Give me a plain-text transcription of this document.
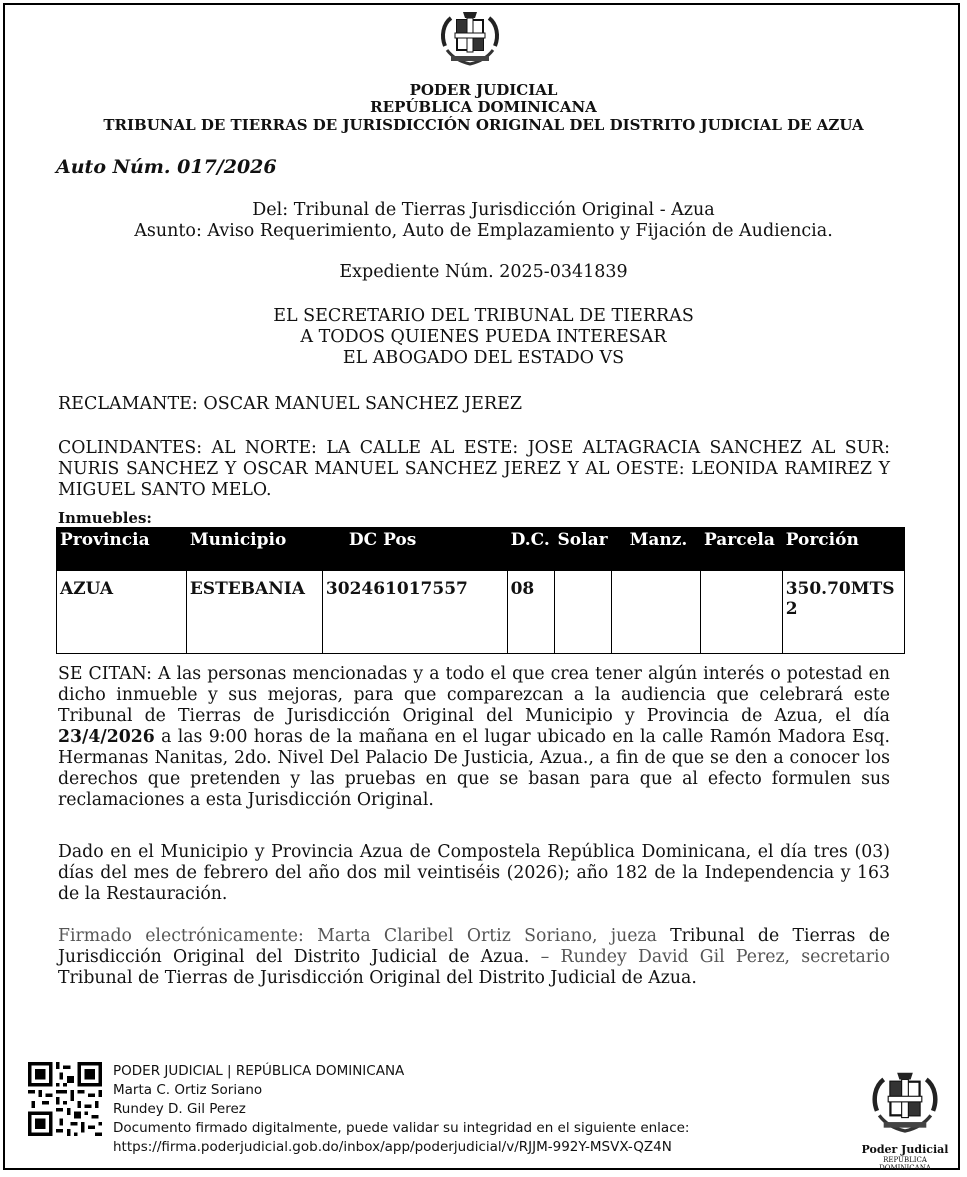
PODER JUDICIAL
REPÚBLICA DOMINICANA
TRIBUNAL DE TIERRAS DE JURISDICCIÓN ORIGINAL DEL DISTRITO JUDICIAL DE AZUA
Auto Núm. 017/2026
Del: Tribunal de Tierras Jurisdicción Original - Azua
Asunto: Aviso Requerimiento, Auto de Emplazamiento y Fijación de Audiencia.
Expediente Núm. 2025-0341839
EL SECRETARIO DEL TRIBUNAL DE TIERRAS
A TODOS QUIENES PUEDA INTERESAR
EL ABOGADO DEL ESTADO VS
RECLAMANTE: OSCAR MANUEL SANCHEZ JEREZ
COLINDANTES: AL NORTE: LA CALLE AL ESTE: JOSE ALTAGRACIA SANCHEZ AL SUR: NURIS SANCHEZ Y OSCAR MANUEL SANCHEZ JEREZ Y AL OESTE: LEONIDA RAMIREZ Y MIGUEL SANTO MELO.
Inmuebles:
Provincia	Municipio	DC Pos	D.C.	Solar	Manz.	Parcela	Porción
AZUA	ESTEBANIA	302461017557	08				350.70MTS2
SE CITAN: A las personas mencionadas y a todo el que crea tener algún interés o potestad en dicho inmueble y sus mejoras, para que comparezcan a la audiencia que celebrará este Tribunal de Tierras de Jurisdicción Original del Municipio y Provincia de Azua, el día 23/4/2026 a las 9:00 horas de la mañana en el lugar ubicado en la calle Ramón Madora Esq. Hermanas Nanitas, 2do. Nivel Del Palacio De Justicia, Azua., a fin de que se den a conocer los derechos que pretenden y las pruebas en que se basan para que al efecto formulen sus reclamaciones a esta Jurisdicción Original.
Dado en el Municipio y Provincia Azua de Compostela República Dominicana, el día tres (03) días del mes de febrero del año dos mil veintiséis (2026); año 182 de la Independencia y 163 de la Restauración.
Firmado electrónicamente: Marta Claribel Ortiz Soriano, jueza Tribunal de Tierras de Jurisdicción Original del Distrito Judicial de Azua. – Rundey David Gil Perez, secretario Tribunal de Tierras de Jurisdicción Original del Distrito Judicial de Azua.
PODER JUDICIAL | REPÚBLICA DOMINICANA
Marta C. Ortiz Soriano
Rundey D. Gil Perez
Documento firmado digitalmente, puede validar su integridad en el siguiente enlace:
https://firma.poderjudicial.gob.do/inbox/app/poderjudicial/v/RJJM-992Y-MSVX-QZ4N	Poder Judicial
REPÚBLICA DOMINICANA
